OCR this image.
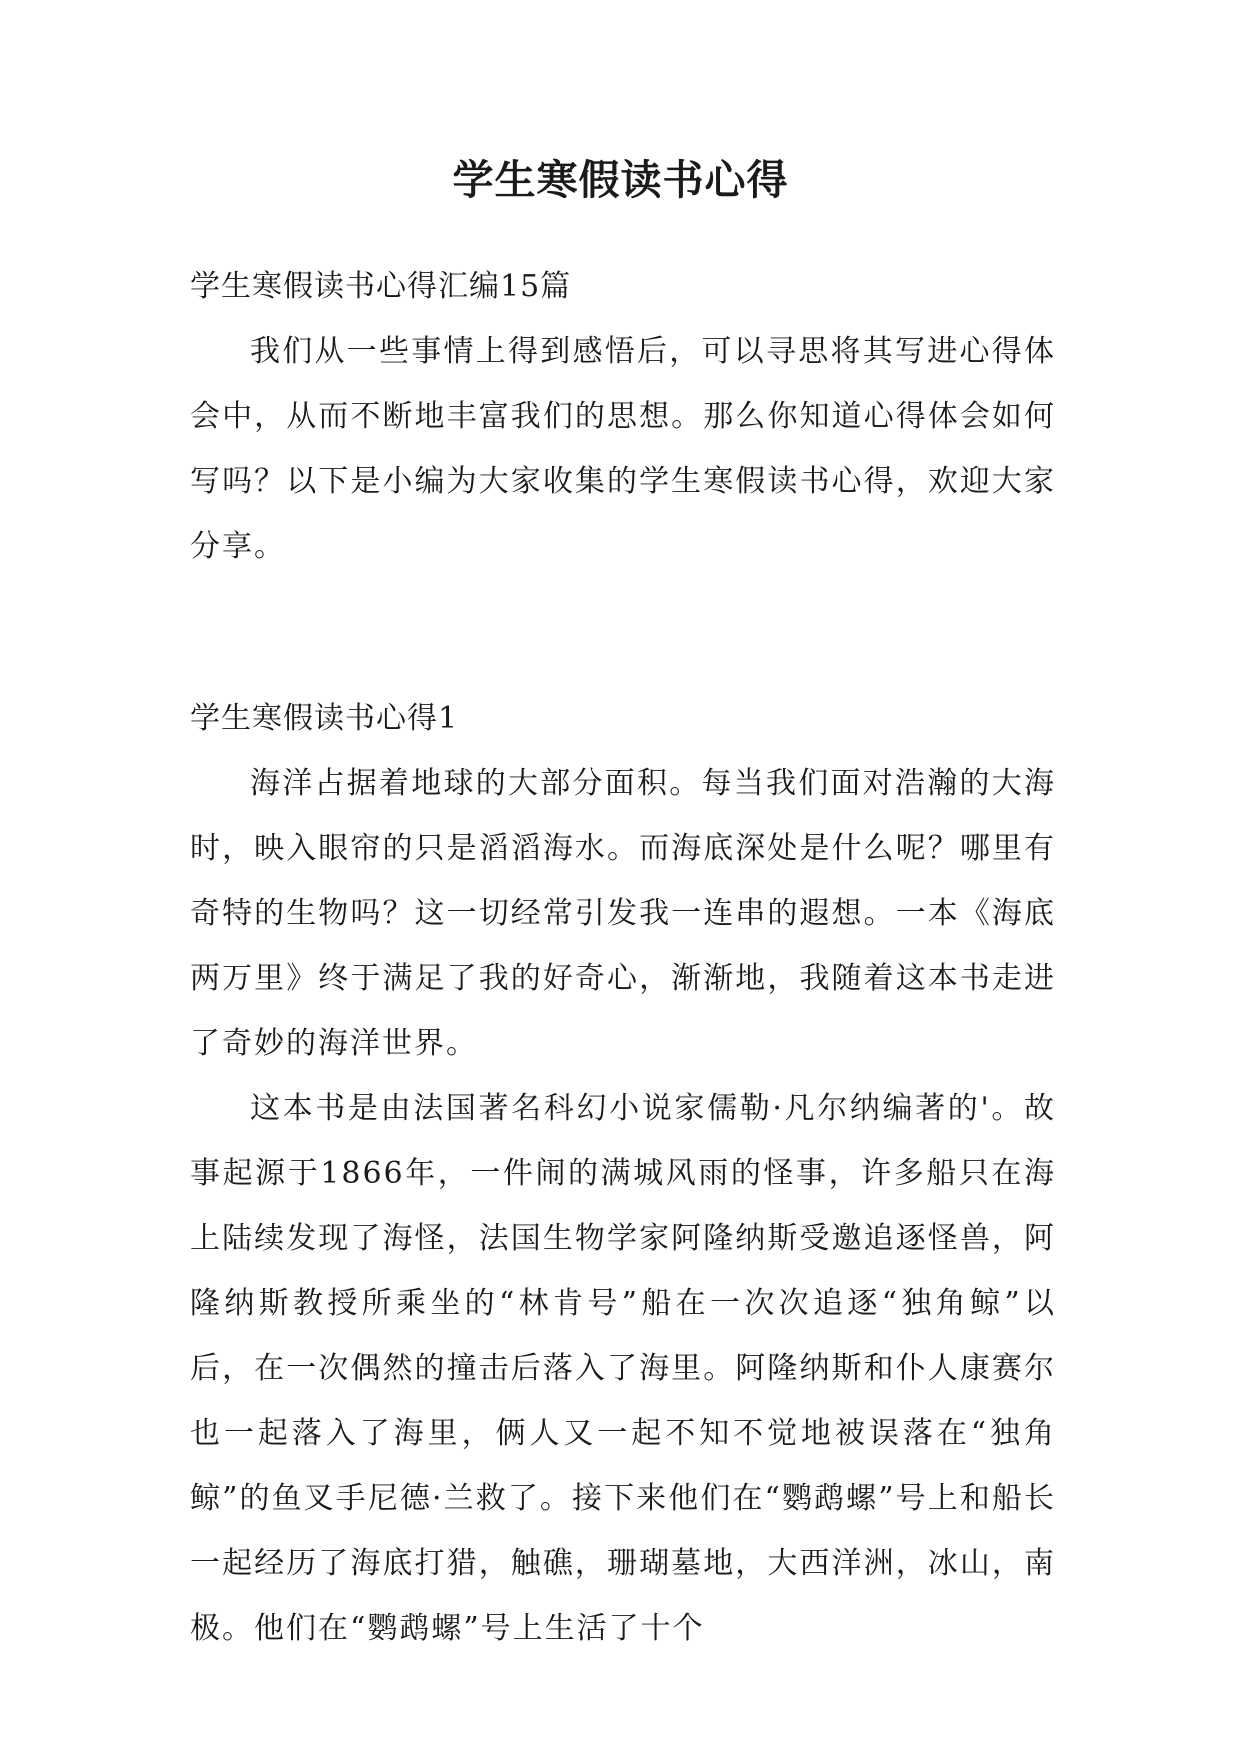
学生寒假读书心得

学生寒假读书心得汇编15篇

我们从一些事情上得到感悟后，可以寻思将其写进心得体会中，从而不断地丰富我们的思想。那么你知道心得体会如何写吗？以下是小编为大家收集的学生寒假读书心得，欢迎大家分享。

学生寒假读书心得1

海洋占据着地球的大部分面积。每当我们面对浩瀚的大海时，映入眼帘的只是滔滔海水。而海底深处是什么呢？哪里有奇特的生物吗？这一切经常引发我一连串的遐想。一本《海底两万里》终于满足了我的好奇心，渐渐地，我随着这本书走进了奇妙的海洋世界。

这本书是由法国著名科幻小说家儒勒·凡尔纳编著的'。故事起源于1866年，一件闹的满城风雨的怪事，许多船只在海上陆续发现了海怪，法国生物学家阿隆纳斯受邀追逐怪兽，阿隆纳斯教授所乘坐的“林肯号”船在一次次追逐“独角鲸”以后，在一次偶然的撞击后落入了海里。阿隆纳斯和仆人康赛尔也一起落入了海里，俩人又一起不知不觉地被误落在“独角鲸”的鱼叉手尼德·兰救了。接下来他们在“鹦鹉螺”号上和船长一起经历了海底打猎，触礁，珊瑚墓地，大西洋洲，冰山，南极。他们在“鹦鹉螺”号上生活了十个
